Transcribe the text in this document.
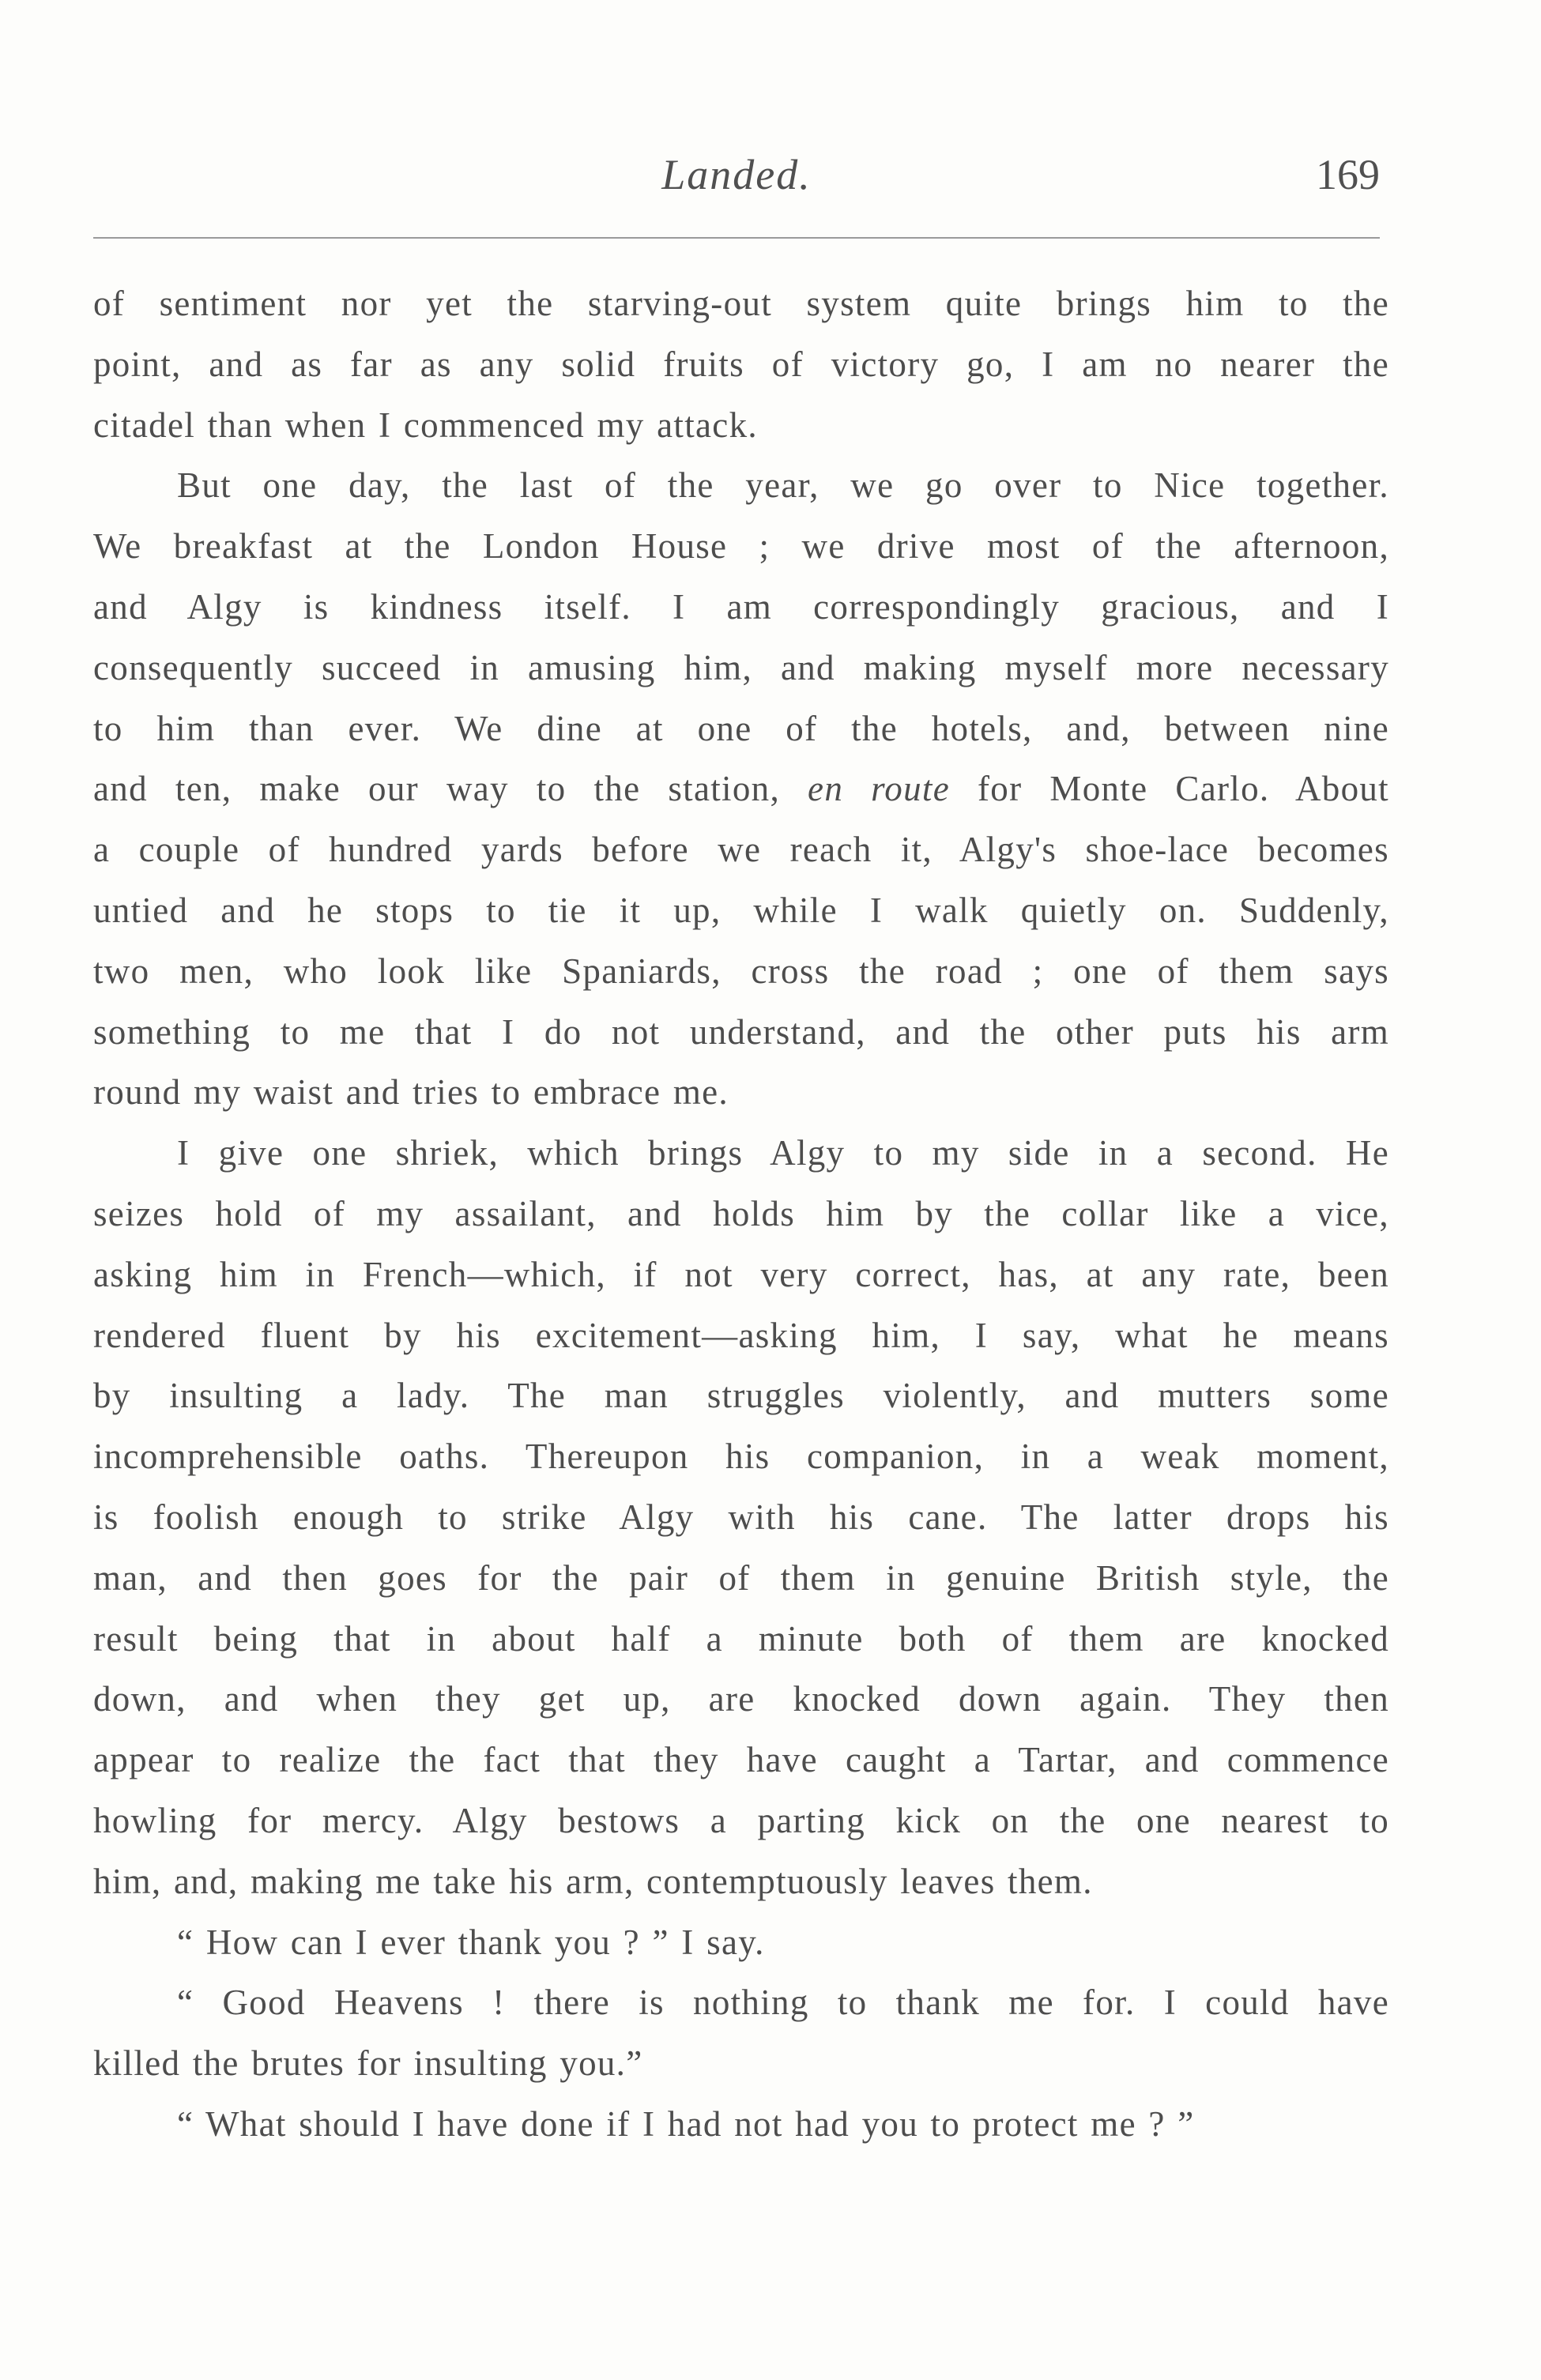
Landed.	169

of sentiment nor yet the starving-out system quite brings him to the

point, and as far as any solid fruits of victory go, I am no nearer the

citadel than when I commenced my attack.

But one day, the last of the year, we go over to Nice together.

We breakfast at the London House ; we drive most of the afternoon,

and Algy is kindness itself. I am correspondingly gracious, and I

consequently succeed in amusing him, and making myself more necessary

to him than ever. We dine at one of the hotels, and, between nine

and ten, make our way to the station, en route for Monte Carlo. About

a couple of hundred yards before we reach it, Algy's shoe-lace becomes

untied and he stops to tie it up, while I walk quietly on. Suddenly,

two men, who look like Spaniards, cross the road ; one of them says

something to me that I do not understand, and the other puts his arm

round my waist and tries to embrace me.

I give one shriek, which brings Algy to my side in a second. He

seizes hold of my assailant, and holds him by the collar like a vice,

asking him in French—which, if not very correct, has, at any rate, been

rendered fluent by his excitement—asking him, I say, what he means

by insulting a lady. The man struggles violently, and mutters some

incomprehensible oaths. Thereupon his companion, in a weak moment,

is foolish enough to strike Algy with his cane. The latter drops his

man, and then goes for the pair of them in genuine British style, the

result being that in about half a minute both of them are knocked

down, and when they get up, are knocked down again. They then

appear to realize the fact that they have caught a Tartar, and commence

howling for mercy. Algy bestows a parting kick on the one nearest to

him, and, making me take his arm, contemptuously leaves them.

“ How can I ever thank you ? ” I say.

“ Good Heavens ! there is nothing to thank me for. I could have

killed the brutes for insulting you.”

“ What should I have done if I had not had you to protect me ? ”
